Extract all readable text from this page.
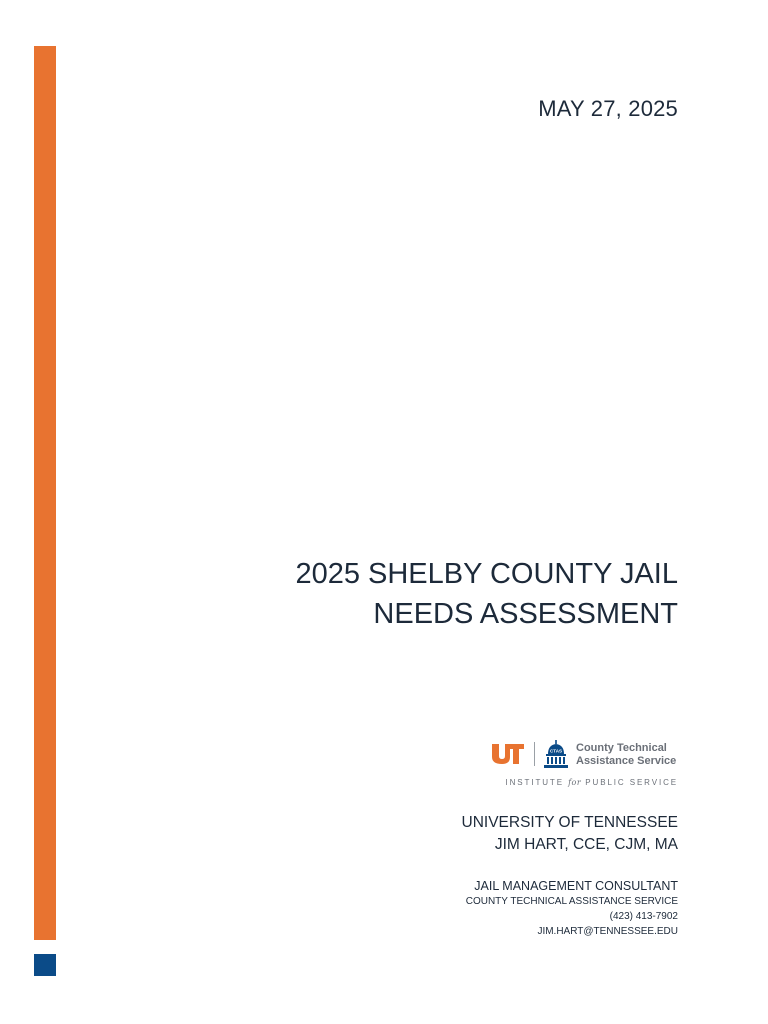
MAY 27, 2025
2025 SHELBY COUNTY JAIL
NEEDS ASSESSMENT
CTAS County Technical
Assistance Service
INSTITUTE for PUBLIC SERVICE
UNIVERSITY OF TENNESSEE
JIM HART, CCE, CJM, MA
JAIL MANAGEMENT CONSULTANT
COUNTY TECHNICAL ASSISTANCE SERVICE
(423) 413-7902
JIM.HART@TENNESSEE.EDU
